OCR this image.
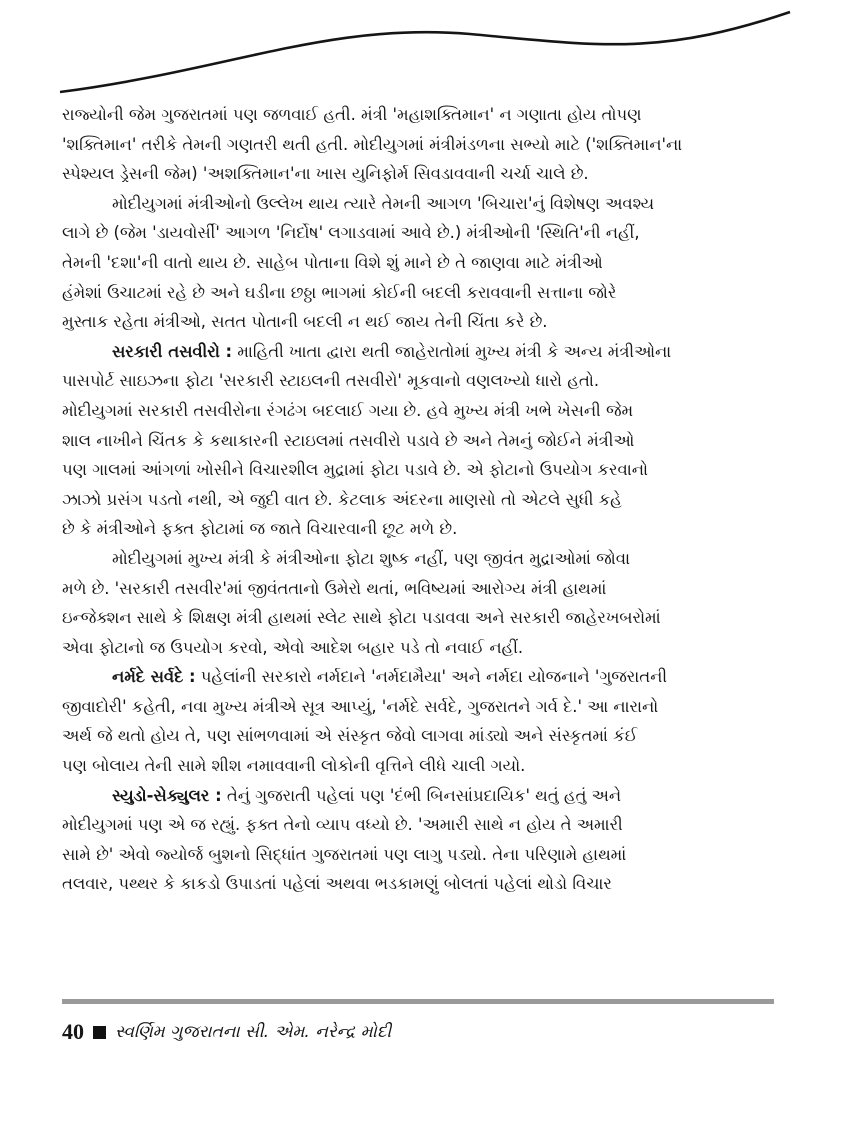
રાજ્યોની જેમ ગુજરાતમાં પણ જળવાઈ હતી. મંત્રી 'મહાશક્તિમાન' ન ગણાતા હોય તોપણ
'શક્તિમાન' તરીકે તેમની ગણતરી થતી હતી. મોદીયુગમાં મંત્રીમંડળના સભ્યો માટે ('શક્તિમાન'ના
સ્પેશ્યલ ડ્રેસની જેમ) 'અશક્તિમાન'ના ખાસ યુનિફોર્મ સિવડાવવાની ચર્ચા ચાલે છે.
મોદીયુગમાં મંત્રીઓનો ઉલ્લેખ થાય ત્યારે તેમની આગળ 'બિચારા'નું વિશેષણ અવશ્ય
લાગે છે (જેમ 'ડાયવોર્સી' આગળ 'નિર્દોષ' લગાડવામાં આવે છે.) મંત્રીઓની 'સ્થિતિ'ની નહીં,
તેમની 'દશા'ની વાતો થાય છે. સાહેબ પોતાના વિશે શું માને છે તે જાણવા માટે મંત્રીઓ
હંમેશાં ઉચાટમાં રહે છે અને ઘડીના છઠ્ઠા ભાગમાં કોઈની બદલી કરાવવાની સત્તાના જોરે
મુસ્તાક રહેતા મંત્રીઓ, સતત પોતાની બદલી ન થઈ જાય તેની ચિંતા કરે છે.
સરકારી તસવીરો : માહિતી ખાતા દ્વારા થતી જાહેરાતોમાં મુખ્ય મંત્રી કે અન્ય મંત્રીઓના
પાસપોર્ટ સાઇઝના ફોટા 'સરકારી સ્ટાઇલની તસવીરો' મૂકવાનો વણલખ્યો ધારો હતો.
મોદીયુગમાં સરકારી તસવીરોના રંગઢંગ બદલાઈ ગયા છે. હવે મુખ્ય મંત્રી ખભે ખેસની જેમ
શાલ નાખીને ચિંતક કે કથાકારની સ્ટાઇલમાં તસવીરો પડાવે છે અને તેમનું જોઈને મંત્રીઓ
પણ ગાલમાં આંગળાં ખોસીને વિચારશીલ મુદ્રામાં ફોટા પડાવે છે. એ ફોટાનો ઉપયોગ કરવાનો
ઝાઝો પ્રસંગ પડતો નથી, એ જુદી વાત છે. કેટલાક અંદરના માણસો તો એટલે સુધી કહે
છે કે મંત્રીઓને ફક્ત ફોટામાં જ જાતે વિચારવાની છૂટ મળે છે.
મોદીયુગમાં મુખ્ય મંત્રી કે મંત્રીઓના ફોટા શુષ્ક નહીં, પણ જીવંત મુદ્રાઓમાં જોવા
મળે છે. 'સરકારી તસવીર'માં જીવંતતાનો ઉમેરો થતાં, ભવિષ્યમાં આરોગ્ય મંત્રી હાથમાં
ઇન્જેક્શન સાથે કે શિક્ષણ મંત્રી હાથમાં સ્લેટ સાથે ફોટા પડાવવા અને સરકારી જાહેરખબરોમાં
એવા ફોટાનો જ ઉપયોગ કરવો, એવો આદેશ બહાર પડે તો નવાઈ નહીં.
નર્મદે સર્વદે : પહેલાંની સરકારો નર્મદાને 'નર્મદામૈયા' અને નર્મદા યોજનાને 'ગુજરાતની
જીવાદોરી' કહેતી, નવા મુખ્ય મંત્રીએ સૂત્ર આપ્યું, 'નર્મદે સર્વદે, ગુજરાતને ગર્વ દે.' આ નારાનો
અર્થ જે થતો હોય તે, પણ સાંભળવામાં એ સંસ્કૃત જેવો લાગવા માંડ્યો અને સંસ્કૃતમાં કંઈ
પણ બોલાય તેની સામે શીશ નમાવવાની લોકોની વૃત્તિને લીધે ચાલી ગયો.
સ્યુડો-સેક્યુલર : તેનું ગુજરાતી પહેલાં પણ 'દંભી બિનસાંપ્રદાયિક' થતું હતું અને
મોદીયુગમાં પણ એ જ રહ્યું. ફક્ત તેનો વ્યાપ વધ્યો છે. 'અમારી સાથે ન હોય તે અમારી
સામે છે' એવો જ્યોર્જ બુશનો સિદ્ધાંત ગુજરાતમાં પણ લાગુ પડ્યો. તેના પરિણામે હાથમાં
તલવાર, પથ્થર કે કાકડો ઉપાડતાં પહેલાં અથવા ભડકામણું બોલતાં પહેલાં થોડો વિચાર
40 સ્વર્ણિમ ગુજરાતના સી. એમ. નરેન્દ્ર મોદી
